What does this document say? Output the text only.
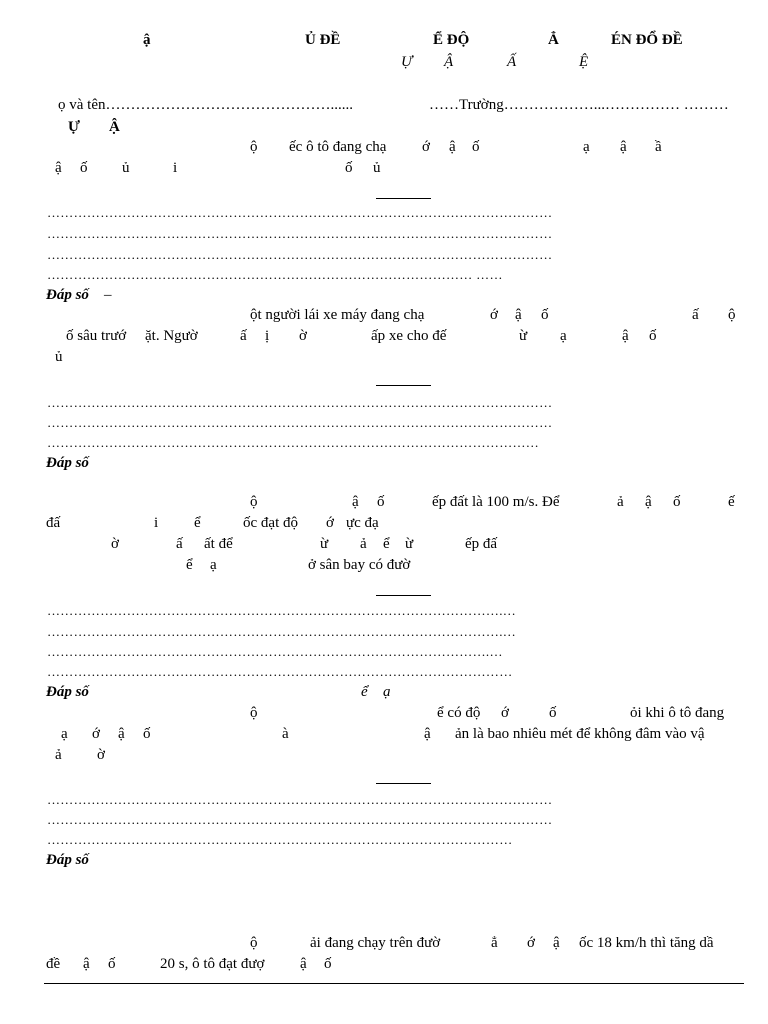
ậ	Ủ ĐỀ	Ể ĐỘ	Ẳ	ÉN ĐỔ ĐỀ
Ự Ậ	Ấ	Ệ
ọ và tên………………………………………......	……Trường………………...…………… ………
Ự Ậ
ộ ếc ô tô đang chạ ớ ậ ố	ạ ậ ầ
ậ ố ủ	i	ố ủ
……………………………………………………………………………………………………
……………………………………………………………………………………………………
……………………………………………………………………………………………………
…………………………………………………………………………………… ……
Đáp số –
ột người lái xe máy đang chạ	ớ ậ ố	ấ ộ
ố sâu trướ ặt. Ngườ	ấ ị ờ	ấp xe cho đế	ừ ạ	ậ ố
ủ
……………………………………………………………………………………………………
……………………………………………………………………………………………………
…………………………………………………………………………………………………
Đáp số
ộ	ậ ố	ếp đất là 100 m/s. Để	ả ậ ố	ế
đấ	i ể	ốc đạt độ ớ ực đạ
ờ	ấ ất để	ừ ả ể ừ	ếp đấ
ể ạ	ở sân bay có đườ
………………………………………………………………………………………….…
………………………………………………………………………………………….…
……………………………………………………………………………………….…
……………………………………………………………………………………………
Đáp số	ể ạ
ộ	ể có độ ớ	ố	ỏi khi ô tô đang
ạ ớ ậ ố	à	ậ ản là bao nhiêu mét để không đâm vào vậ
ả ờ
……………………………………………………………………………………………………
……………………………………………………………………………………………………
……………………………………………………………………………………………
Đáp số
ộ	ải đang chạy trên đườ	ẳ ớ ậ ốc 18 km/h thì tăng dầ
đề ậ ố	20 s, ô tô đạt đượ ậ ố
